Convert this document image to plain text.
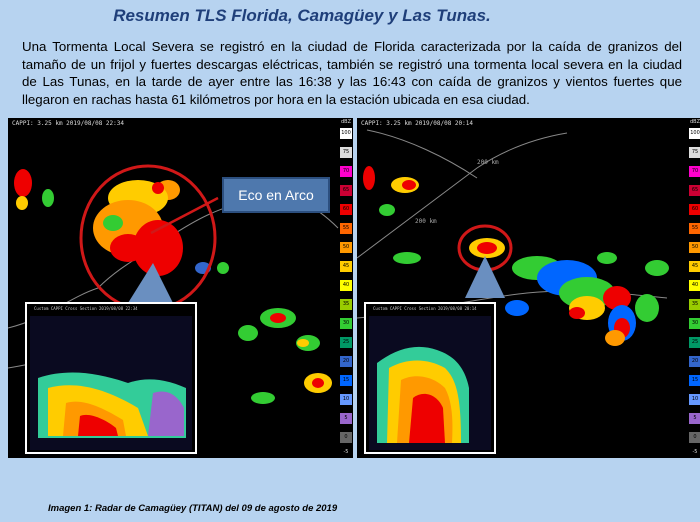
Resumen TLS Florida, Camagüey y Las Tunas.
Una Tormenta Local Severa se registró en la ciudad de Florida caracterizada por la caída de granizos del tamaño de un frijol y fuertes descargas eléctricas, también se registró una tormenta local severa en la ciudad de Las Tunas, en la tarde de ayer entre las 16:38 y las 16:43 con caída de granizos y vientos fuertes que llegaron en rachas hasta 61 kilómetros por hora en la estación ubicada en esa ciudad.
CAPPI: 3.25 km 2019/08/08 22:34
Custom CAPPI Cross Section 2019/08/08 22:34
dBZ
100
75
70
65
60
55
50
45
40
35
30
25
20
15
10
5
0
-5
200 km
200 km
CAPPI: 3.25 km 2019/08/08 20:14
Custom CAPPI Cross Section 2019/08/08 20:14
dBZ
100
75
70
65
60
55
50
45
40
35
30
25
20
15
10
5
0
-5
Eco en Arco
Imagen 1: Radar de Camagüey (TITAN) del 09 de agosto de 2019
